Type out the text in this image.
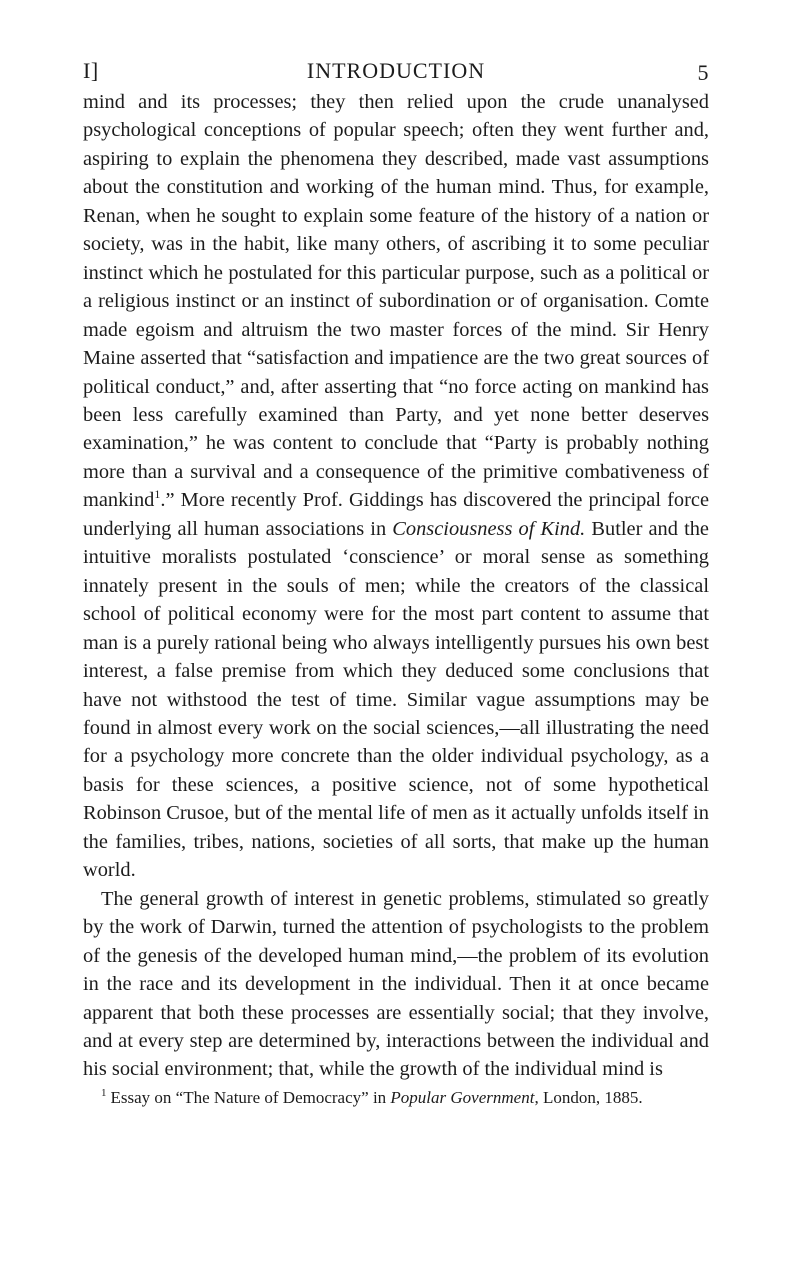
I]	INTRODUCTION	5

mind and its processes; they then relied upon the crude unanalysed psychological conceptions of popular speech; often they went further and, aspiring to explain the phenomena they described, made vast assumptions about the constitution and working of the human mind. Thus, for example, Renan, when he sought to explain some feature of the history of a nation or society, was in the habit, like many others, of ascribing it to some peculiar instinct which he postulated for this particular purpose, such as a political or a religious instinct or an instinct of subordination or of organisation. Comte made egoism and altruism the two master forces of the mind. Sir Henry Maine asserted that “satisfaction and impatience are the two great sources of political conduct,” and, after asserting that “no force acting on mankind has been less carefully examined than Party, and yet none better deserves examination,” he was content to conclude that “Party is probably nothing more than a survival and a consequence of the primitive combativeness of mankind$^1$.” More recently Prof. Giddings has discovered the principal force underlying all human associations in Consciousness of Kind. Butler and the intuitive moralists postulated ‘conscience’ or moral sense as something innately present in the souls of men; while the creators of the classical school of political economy were for the most part content to assume that man is a purely rational being who always intelligently pursues his own best interest, a false premise from which they deduced some conclusions that have not withstood the test of time. Similar vague assumptions may be found in almost every work on the social sciences,—all illustrating the need for a psychology more concrete than the older individual psychology, as a basis for these sciences, a positive science, not of some hypothetical Robinson Crusoe, but of the mental life of men as it actually unfolds itself in the families, tribes, nations, societies of all sorts, that make up the human world.

The general growth of interest in genetic problems, stimulated so greatly by the work of Darwin, turned the attention of psychologists to the problem of the genesis of the developed human mind,—the problem of its evolution in the race and its development in the individual. Then it at once became apparent that both these processes are essentially social; that they involve, and at every step are determined by, interactions between the individual and his social environment; that, while the growth of the individual mind is

$^1$ Essay on “The Nature of Democracy” in Popular Government, London, 1885.
